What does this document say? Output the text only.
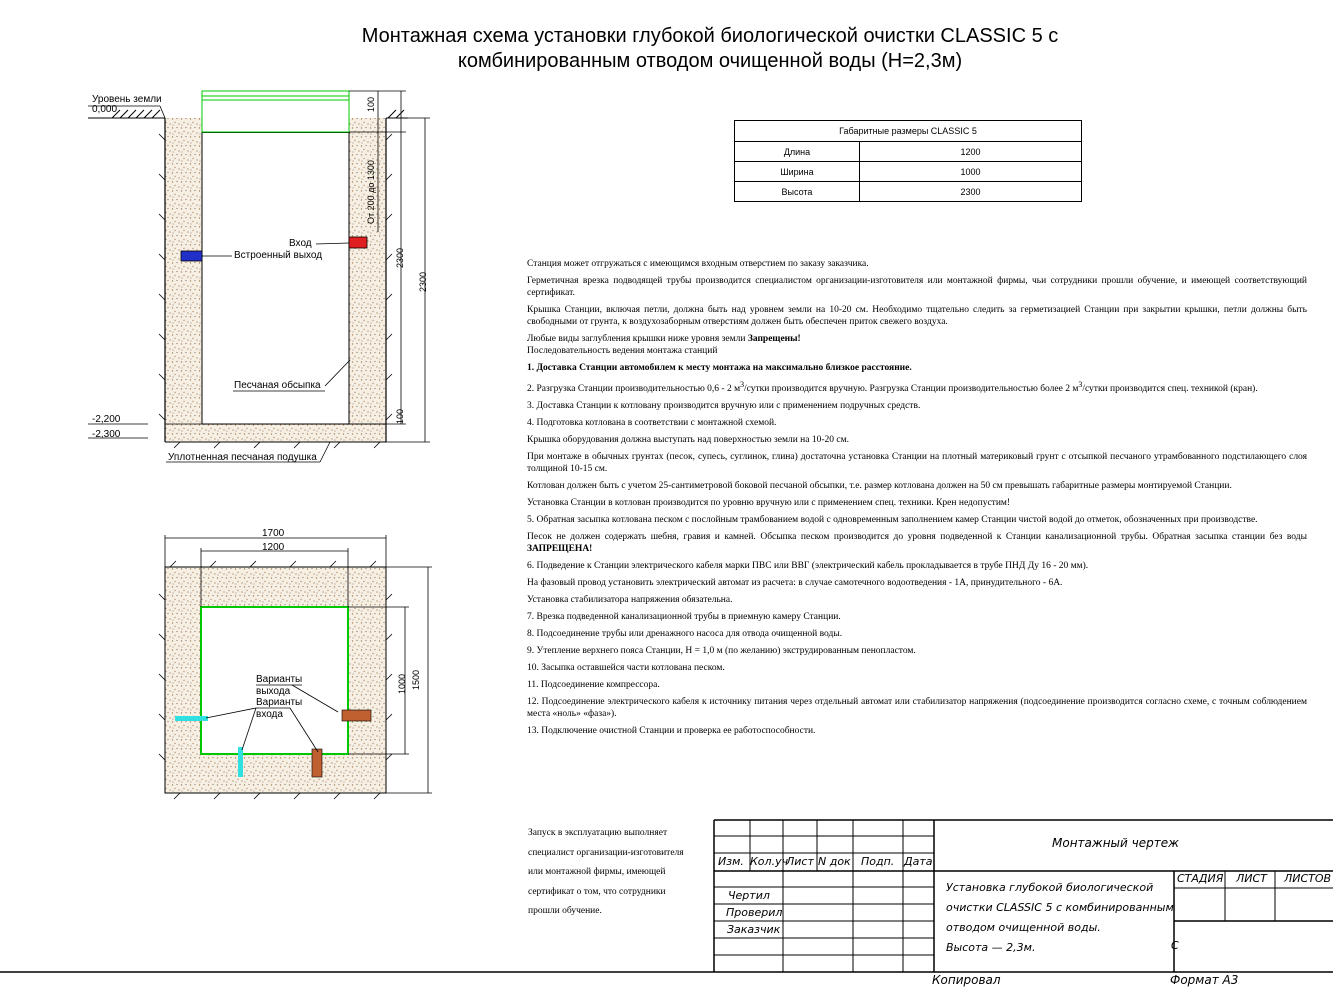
Монтажная схема установки глубокой биологической очистки CLASSIC 5 с
комбинированным отводом очищенной воды (Н=2,3м)
Уровень земли
0,000
Вход
Встроенный выход
Песчаная обсыпка
-2,200
-2,300
Уплотненная песчаная подушка
100
От 200 до 1300
2300
2300
100
1700
1200
1000 1500
Варианты
выхода
Варианты
входа
Габаритные размеры CLASSIC 5	
Длина	1200
Ширина	1000
Высота	2300

Станция может отгружаться с имеющимся входным отверстием по заказу заказчика.

Герметичная врезка подводящей трубы производится специалистом организации-изготовителя или монтажной фирмы, чьи сотрудники прошли обучение, и имеющей соответствующий сертификат.

Крышка Станции, включая петли, должна быть над уровнем земли на 10-20 см. Необходимо тщательно следить за герметизацией Станции при закрытии крышки, петли должны быть свободными от грунта, к воздухозаборным отверстиям должен быть обеспечен приток свежего воздуха.

Любые виды заглубления крышки ниже уровня земли Запрещены!

Последовательность ведения монтажа станций

1. Доставка Станции автомобилем к месту монтажа на максимально близкое расстояние.

2. Разгрузка Станции производительностью 0,6 - 2 $м^3$/сутки производится вручную. Разгрузка Станции производительностью более 2 $м^3$/сутки производится спец. техникой (кран).

3. Доставка Станции к котловану производится вручную или с применением подручных средств.

4. Подготовка котлована в соответствии с монтажной схемой.

Крышка оборудования должна выступать над поверхностью земли на 10-20 см.

При монтаже в обычных грунтах (песок, супесь, суглинок, глина) достаточна установка Станции на плотный материковый грунт с отсыпкой песчаного утрамбованного подстилающего слоя толщиной 10-15 см.

Котлован должен быть с учетом 25-сантиметровой боковой песчаной обсыпки, т.е. размер котлована должен на 50 см превышать габаритные размеры монтируемой Станции.

Установка Станции в котлован производится по уровню вручную или с применением спец. техники. Крен недопустим!

5. Обратная засыпка котлована песком с послойным трамбованием водой с одновременным заполнением камер Станции чистой водой до отметок, обозначенных при производстве.

Песок не должен содержать шебня, гравия и камней. Обсыпка песком производится до уровня подведенной к Станции канализационной трубы. Обратная засыпка станции без воды ЗАПРЕЩЕНА!

6. Подведение к Станции электрического кабеля марки ПВС или ВВГ (электрический кабель прокладывается в трубе ПНД Ду 16 - 20 мм).

На фазовый провод установить электрический автомат из расчета: в случае самотечного водоотведения - 1А, принудительного - 6А.

Установка стабилизатора напряжения обязательна.

7. Врезка подведенной канализационной трубы в приемную камеру Станции.

8. Подсоединение трубы или дренажного насоса для отвода очищенной воды.

9. Утепление верхнего пояса Станции, Н = 1,0 м (по желанию) экструдированным пенопластом.

10. Засыпка оставшейся части котлована песком.

11. Подсоединение компрессора.

12. Подсоединение электрического кабеля к источнику питания через отдельный автомат или стабилизатор напряжения (подсоединение производится согласно схеме, с точным соблюдением места «ноль» «фаза»).

13. Подключение очистной Станции и проверка ее работоспособности.

Запуск в эксплуатацию выполняет
специалист организации-изготовителя
или монтажной фирмы, имеющей
сертификат о том, что сотрудники
прошли обучение.
Монтажный чертеж
Изм. Кол.уч
Лист N док Подп. Дата
Чертил
Проверил
Заказчик
Установка глубокой биологической
очистки CLASSIC 5 с комбинированным
отводом очищенной воды.
Высота — 2,3м.
СТАДИЯ ЛИСТ ЛИСТОВ
С
Копировал	Формат А3
